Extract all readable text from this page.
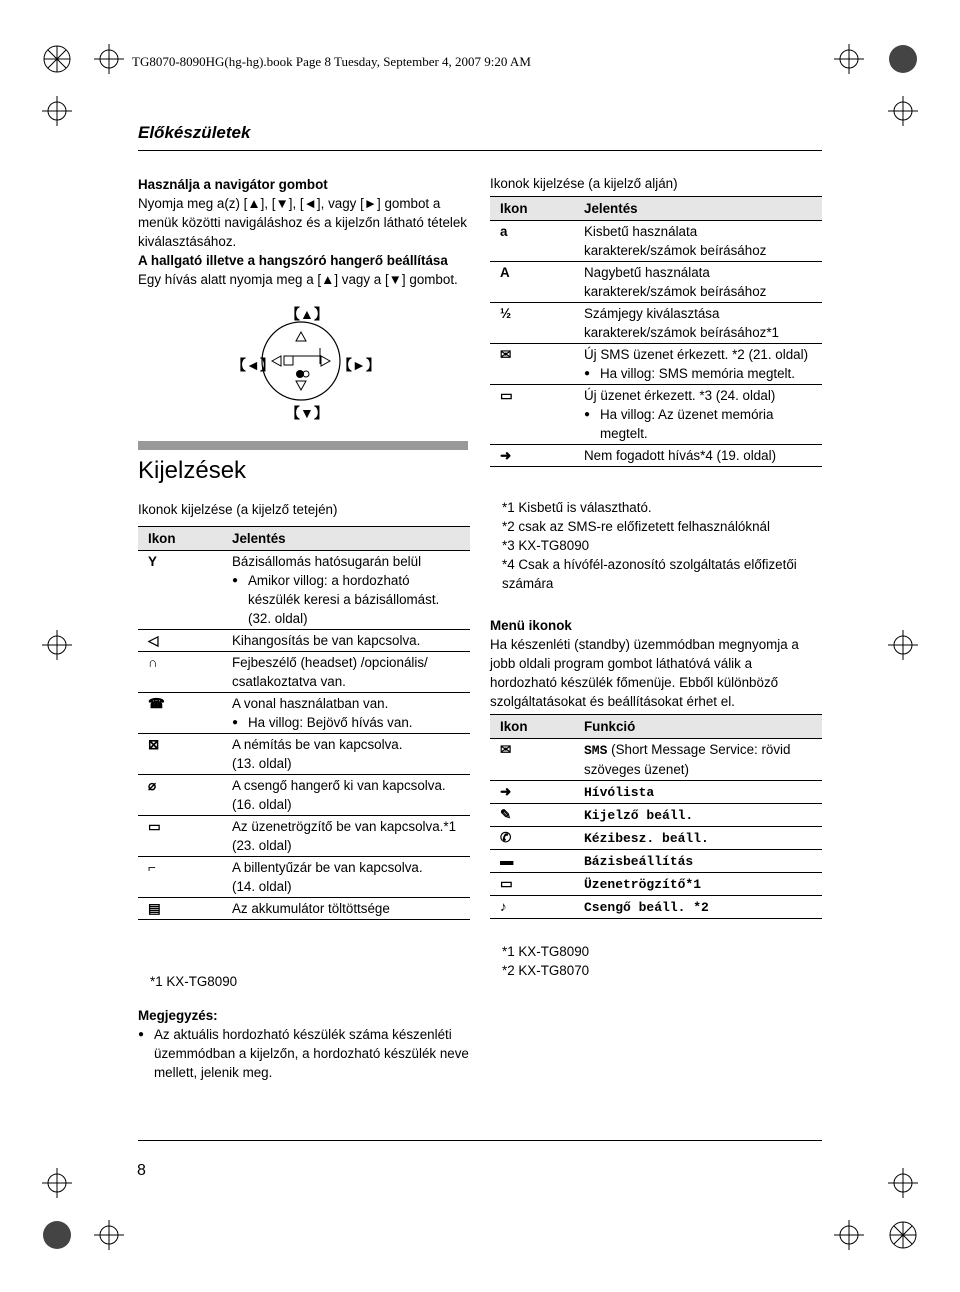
TG8070-8090HG(hg-hg).book Page 8 Tuesday, September 4, 2007 9:20 AM
Előkészületek
Használja a navigátor gombot
Nyomja meg a(z) [▲], [▼], [◄], vagy [►] gombot a menük közötti navigáláshoz és a kijelzőn látható tételek kiválasztásához.
A hallgató illetve a hangszóró hangerő beállítása
Egy hívás alatt nyomja meg a [▲] vagy a [▼] gombot.
【▲】
【◄】	【►】
【▼】
Kijelzések
Ikonok kijelzése (a kijelző tetején)
Ikon	Jelentés
Y	Bázisállomás hatósugarán belül
● Amikor villog: a hordozható készülék keresi a bázisállomást. (32. oldal)

◁	Kihangosítás be van kapcsolva.

∩	Fejbeszélő (headset) /opcionális/ csatlakoztatva van.

☎	A vonal használatban van.
● Ha villog: Bejövő hívás van.

⊠	A némítás be van kapcsolva.
(13. oldal)

⌀	A csengő hangerő ki van kapcsolva.
(16. oldal)

▭	Az üzenetrögzítő be van kapcsolva.*1
(23. oldal)

⌐	A billentyűzár be van kapcsolva.
(14. oldal)

▤	Az akkumulátor töltöttsége
*1 KX-TG8090
Megjegyzés:
● Az aktuális hordozható készülék száma készenléti üzemmódban a kijelzőn, a hordozható készülék neve mellett, jelenik meg.
Ikonok kijelzése (a kijelző alján)
Ikon	Jelentés
a	Kisbetű használata
karakterek/számok beírásához

A	Nagybetű használata
karakterek/számok beírásához

½	Számjegy kiválasztása
karakterek/számok beírásához*1

✉	Új SMS üzenet érkezett. *2 (21. oldal)
● Ha villog: SMS memória megtelt.

▭	Új üzenet érkezett. *3 (24. oldal)
● Ha villog: Az üzenet memória megtelt.

➜	Nem fogadott hívás*4 (19. oldal)
*1 Kisbetű is választható.
*2 csak az SMS-re előfizetett felhasználóknál
*3 KX-TG8090
*4 Csak a hívófél-azonosító szolgáltatás előfizetői számára
Menü ikonok
Ha készenléti (standby) üzemmódban megnyomja a jobb oldali program gombot láthatóvá válik a hordozható készülék főmenüje. Ebből különböző szolgáltatásokat és beállításokat érhet el.
Ikon	Funkció
✉	SMS (Short Message Service: rövid szöveges üzenet)
➜	Hívólista
✎	Kijelző beáll.
✆	Kézibesz. beáll.
▬	Bázisbeállítás
▭	Üzenetrögzítő*1
♪	Csengő beáll. *2
*1 KX-TG8090
*2 KX-TG8070
8
